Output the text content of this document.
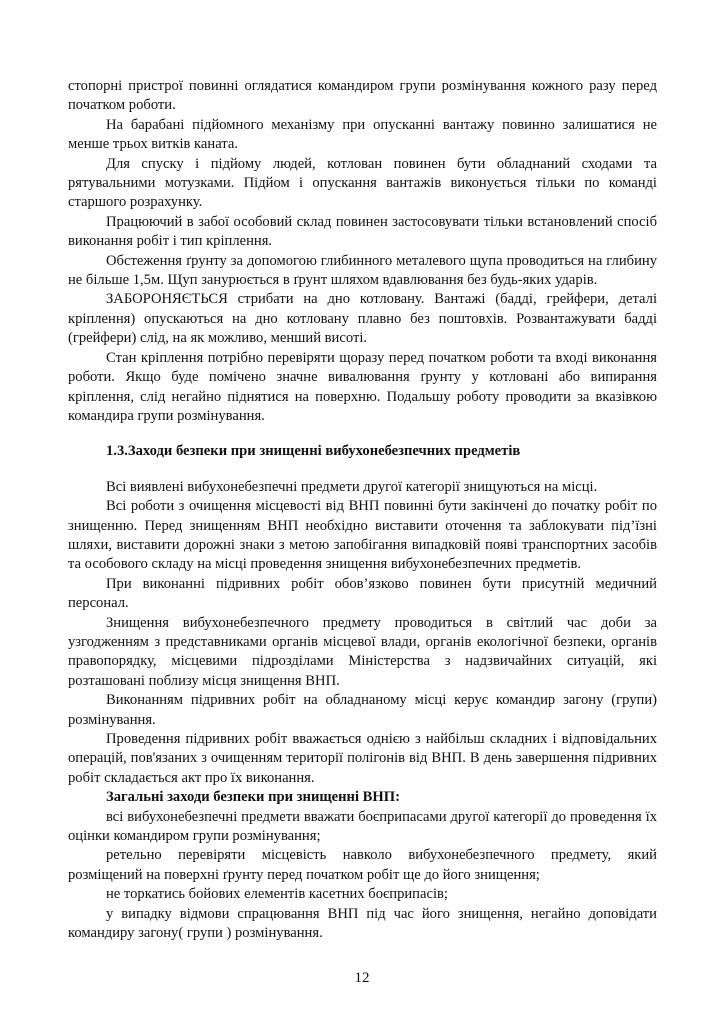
стопорні пристрої повинні оглядатися командиром групи розмінування кожного разу перед початком роботи.

На барабані підйомного механізму при опусканні вантажу повинно залишатися не менше трьох витків каната.

Для спуску і підйому людей, котлован повинен бути обладнаний сходами та рятувальними мотузками. Підйом і опускання вантажів виконується тільки по команді старшого розрахунку.

Працюючий в забої особовий склад повинен застосовувати тільки встановлений спосіб виконання робіт і тип кріплення.

Обстеження ґрунту за допомогою глибинного металевого щупа проводиться на глибину не більше 1,5м. Щуп занурюється в ґрунт шляхом вдавлювання без будь-яких ударів.

ЗАБОРОНЯЄТЬСЯ стрибати на дно котловану. Вантажі (бадді, грейфери, деталі кріплення) опускаються на дно котловану плавно без поштовхів. Розвантажувати бадді (грейфери) слід, на як можливо, менший висоті.

Стан кріплення потрібно перевіряти щоразу перед початком роботи та вході виконання роботи. Якщо буде помічено значне вивалювання ґрунту у котловані або випирання кріплення, слід негайно піднятися на поверхню. Подальшу роботу проводити за вказівкою командира групи розмінування.

1.3.Заходи безпеки при знищенні вибухонебезпечних предметів

Всі виявлені вибухонебезпечні предмети другої категорії знищуються на місці.

Всі роботи з очищення місцевості від ВНП повинні бути закінчені до початку робіт по знищенню. Перед знищенням ВНП необхідно виставити оточення та заблокувати під’їзні шляхи, виставити дорожні знаки з метою запобігання випадковій появі транспортних засобів та особового складу на місці проведення знищення вибухонебезпечних предметів.

При виконанні підривних робіт обов’язково повинен бути присутній медичний персонал.

Знищення вибухонебезпечного предмету проводиться в світлий час доби за узгодженням з представниками органів місцевої влади, органів екологічної безпеки, органів правопорядку, місцевими підрозділами Міністерства з надзвичайних ситуацій, які розташовані поблизу місця знищення ВНП.

Виконанням підривних робіт на обладнаному місці керує командир загону (групи) розмінування.

Проведення підривних робіт вважається однією з найбільш складних і відповідальних операцій, пов'язаних з очищенням території полігонів від ВНП. В день завершення підривних робіт складається акт про їх виконання.

Загальні заходи безпеки при знищенні ВНП:

всі вибухонебезпечні предмети вважати боєприпасами другої категорії до проведення їх оцінки командиром групи розмінування;

ретельно перевіряти місцевість навколо вибухонебезпечного предмету, який розміщений на поверхні ґрунту перед початком робіт ще до його знищення;

не торкатись бойових елементів касетних боєприпасів;

у випадку відмови спрацювання ВНП під час його знищення, негайно доповідати командиру загону( групи ) розмінування.

12
